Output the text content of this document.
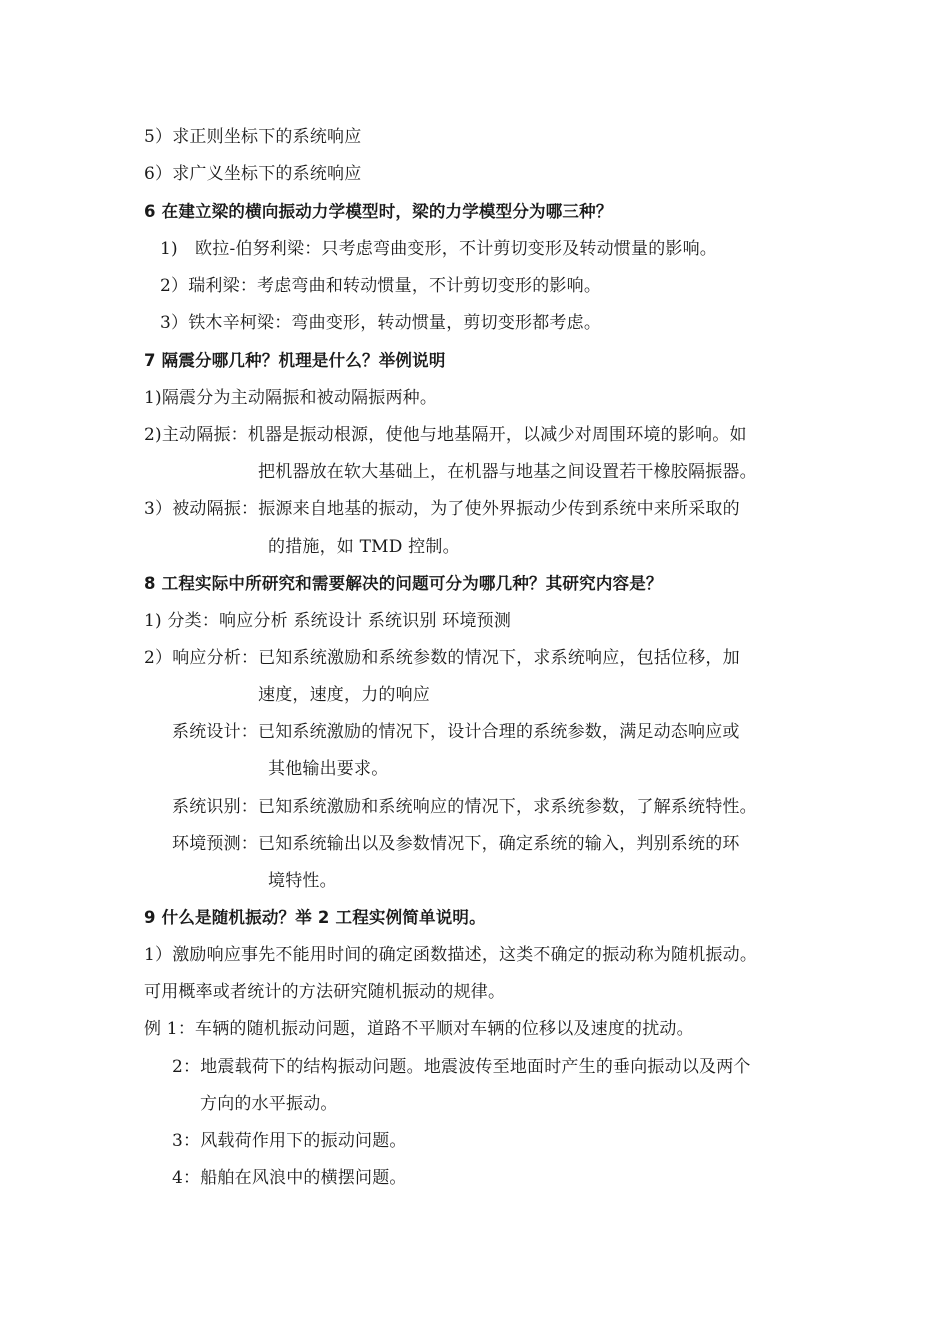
5）求正则坐标下的系统响应
6）求广义坐标下的系统响应
6 在建立梁的横向振动力学模型时，梁的力学模型分为哪三种？
1)　欧拉-伯努利梁：只考虑弯曲变形，不计剪切变形及转动惯量的影响。
2）瑞利梁：考虑弯曲和转动惯量，不计剪切变形的影响。
3）铁木辛柯梁：弯曲变形，转动惯量，剪切变形都考虑。
7 隔震分哪几种？机理是什么？举例说明
1)隔震分为主动隔振和被动隔振两种。
2)主动隔振：机器是振动根源，使他与地基隔开，以减少对周围环境的影响。如
把机器放在软大基础上，在机器与地基之间设置若干橡胶隔振器。
3）被动隔振：振源来自地基的振动，为了使外界振动少传到系统中来所采取的
的措施，如 TMD 控制。
8 工程实际中所研究和需要解决的问题可分为哪几种？其研究内容是？
1) 分类：响应分析 系统设计 系统识别 环境预测
2）响应分析：已知系统激励和系统参数的情况下，求系统响应，包括位移，加
速度，速度，力的响应
系统设计：已知系统激励的情况下，设计合理的系统参数，满足动态响应或
其他输出要求。
系统识别：已知系统激励和系统响应的情况下，求系统参数，了解系统特性。
环境预测：已知系统输出以及参数情况下，确定系统的输入，判别系统的环
境特性。
9 什么是随机振动？举 2 工程实例简单说明。
1）激励响应事先不能用时间的确定函数描述，这类不确定的振动称为随机振动。
可用概率或者统计的方法研究随机振动的规律。
例 1：车辆的随机振动问题，道路不平顺对车辆的位移以及速度的扰动。
2：地震载荷下的结构振动问题。地震波传至地面时产生的垂向振动以及两个
方向的水平振动。
3：风载荷作用下的振动问题。
4：船舶在风浪中的横摆问题。
